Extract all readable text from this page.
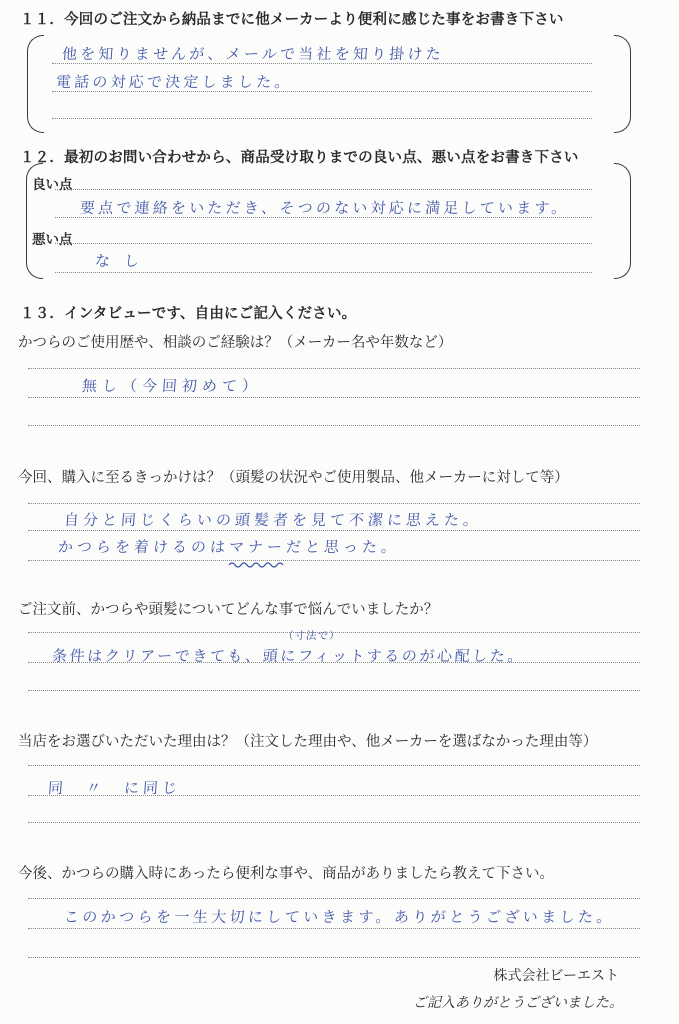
１１．今回のご注文から納品までに他メーカーより便利に感じた事をお書き下さい
他を知りませんが、メールで当社を知り掛けた
電話の対応で決定しました。
１２．最初のお問い合わせから、商品受け取りまでの良い点、悪い点をお書き下さい
良い点
要点で連絡をいただき、そつのない対応に満足しています。
悪い点
なし
１３．インタビューです、自由にご記入ください。
かつらのご使用歴や、相談のご経験は？（メーカー名や年数など）
無し（今回初めて）
今回、購入に至るきっかけは？（頭髪の状況やご使用製品、他メーカーに対して等）
自分と同じくらいの頭髪者を見て不潔に思えた。
かつらを着けるのはマナーだと思った。
ご注文前、かつらや頭髪についてどんな事で悩んでいましたか？
（寸法で）
条件はクリアーできても、頭にフィットするのが心配した。
当店をお選びいただいた理由は？（注文した理由や、他メーカーを選ばなかった理由等）
同　〃　に同じ
今後、かつらの購入時にあったら便利な事や、商品がありましたら教えて下さい。
このかつらを一生大切にしていきます。ありがとうございました。
株式会社ビーエスト
ご記入ありがとうございました。
